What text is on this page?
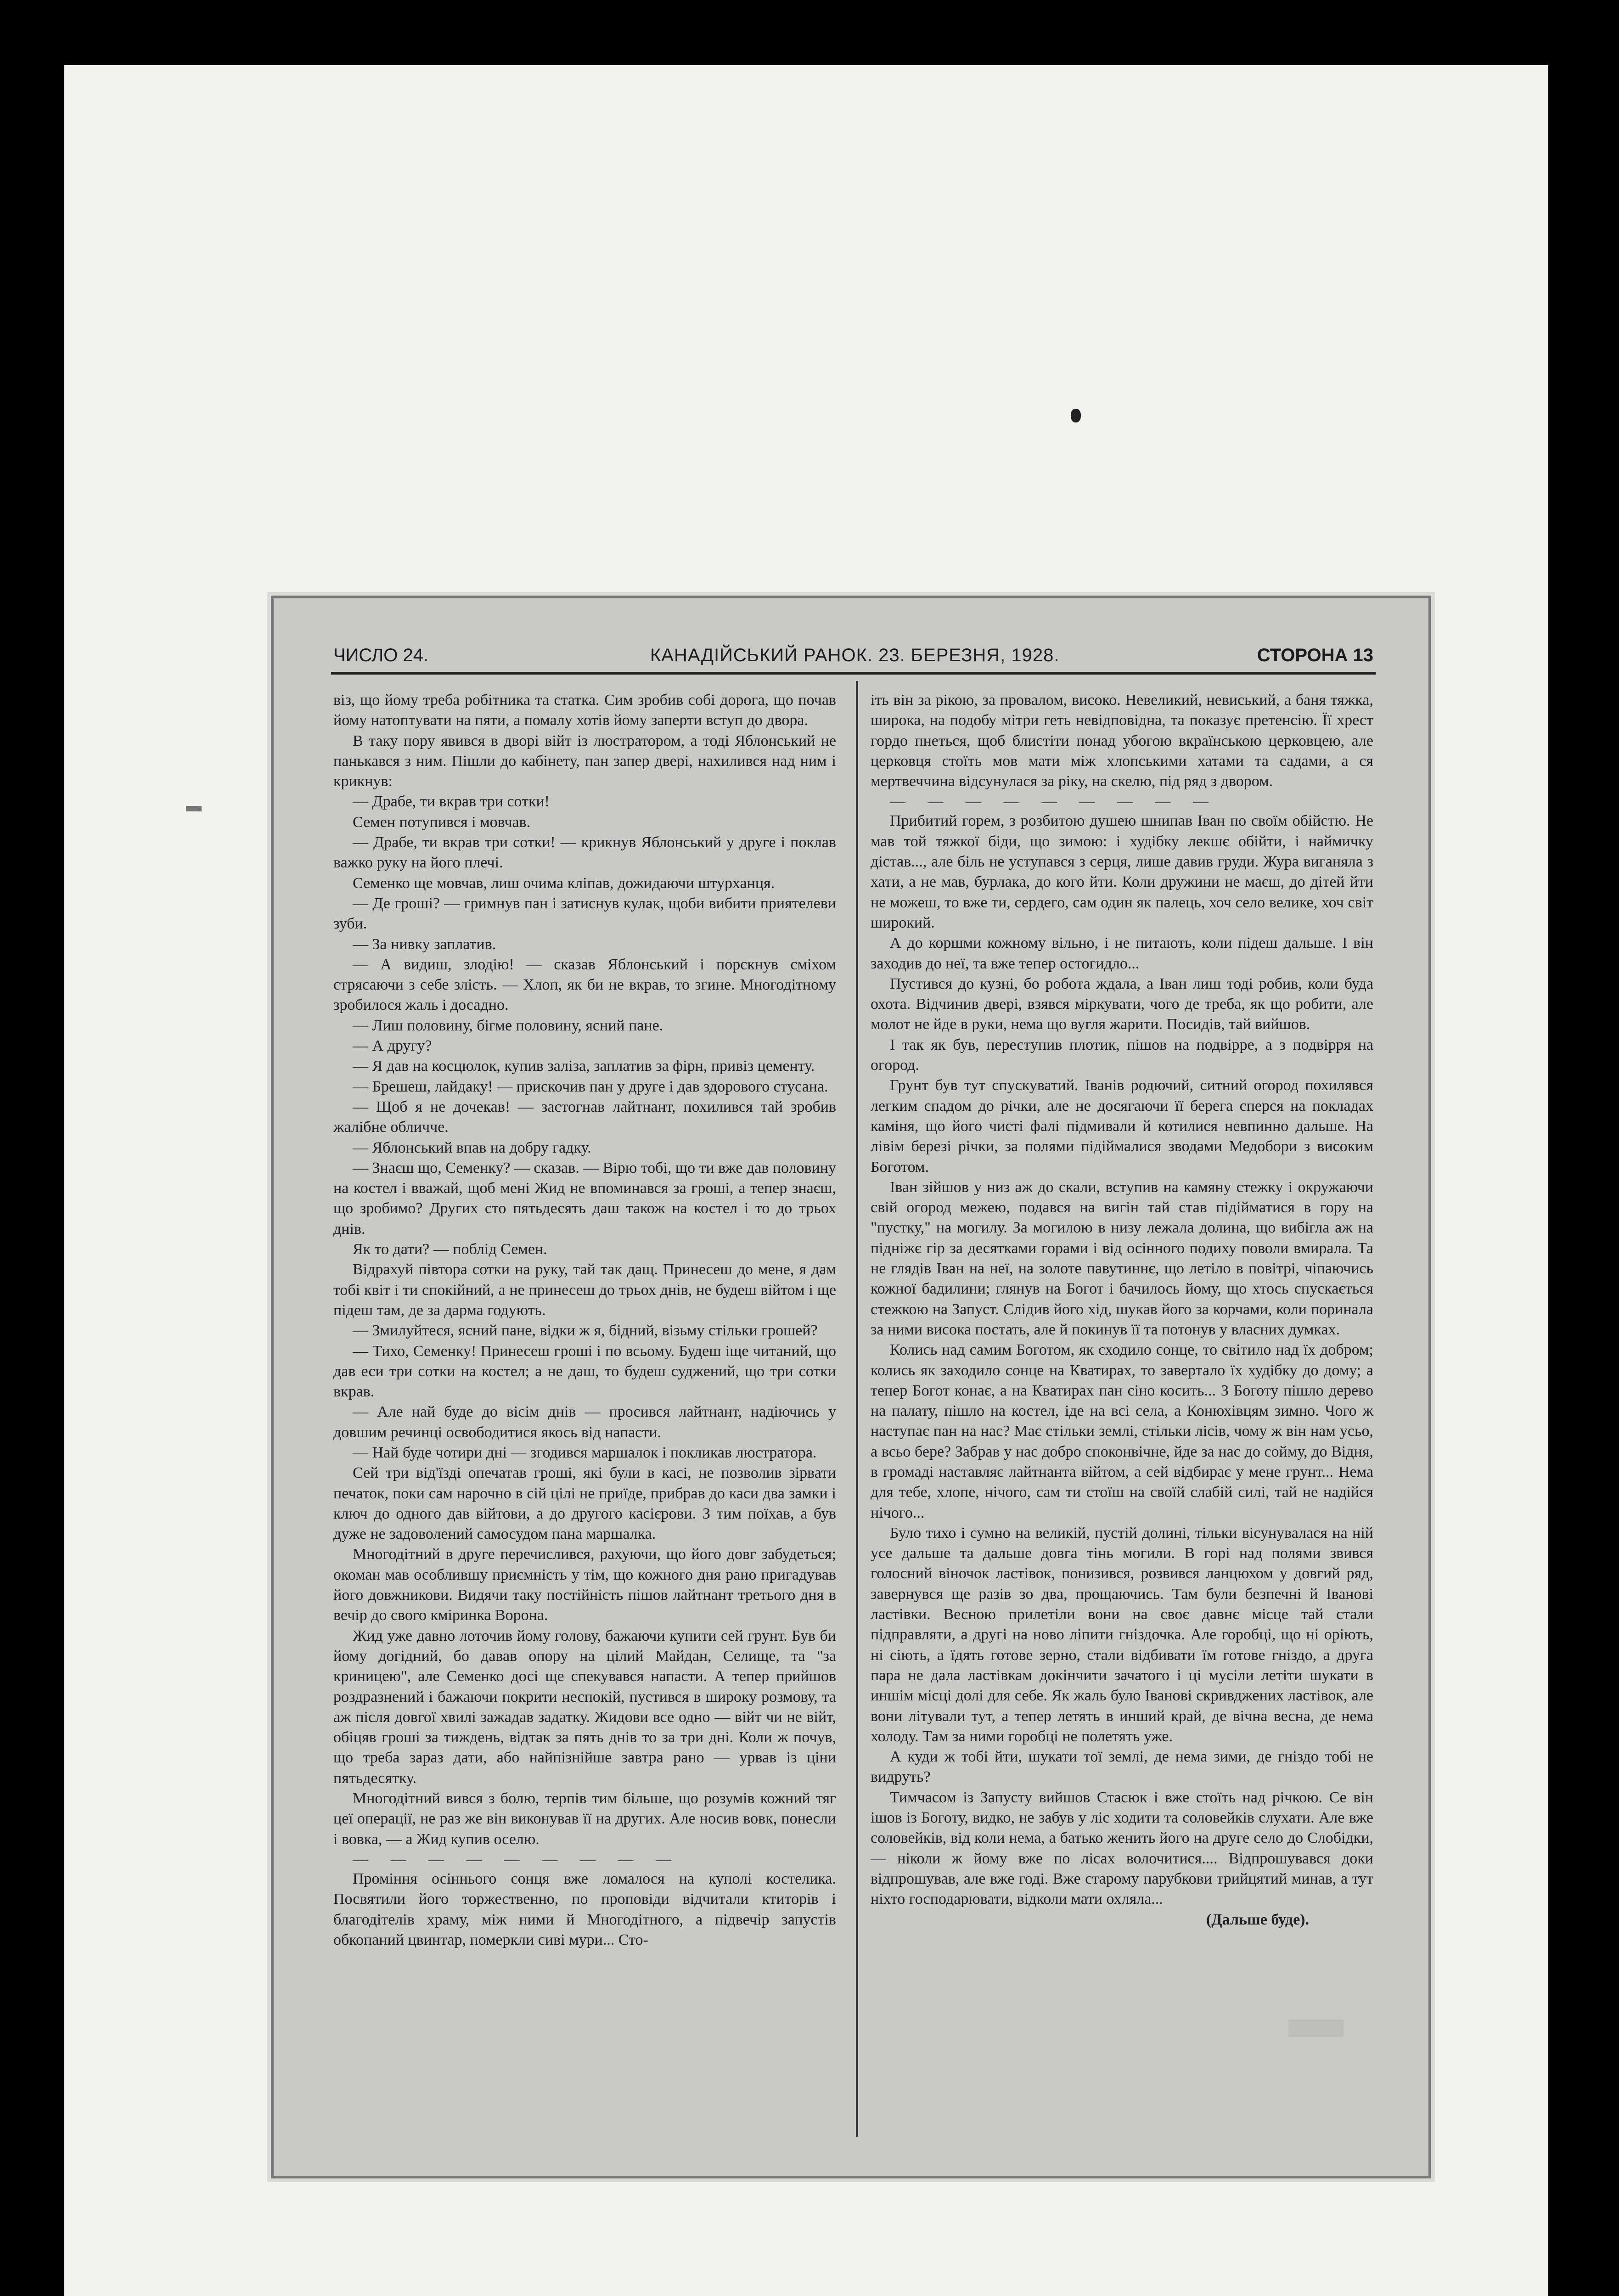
ЧИСЛО 24.	КАНАДІЙСЬКИЙ РАНОК. 23. БЕРЕЗНЯ, 1928.	СТОРОНА 13

віз, що йому треба робітника та статка. Сим зробив собі дорога, що почав йому натоптувати на пяти, а помалу хотів йому заперти вступ до двора.

В таку пору явився в дворі війт із люстратором, а тоді Яблонський не панькався з ним. Пішли до кабінету, пан запер двері, нахилився над ним і крикнув:

— Драбе, ти вкрав три сотки!

Семен потупився і мовчав.

— Драбе, ти вкрав три сотки! — крикнув Яблонський у друге і поклав важко руку на його плечі.

Семенко ще мовчав, лиш очима кліпав, дожидаючи штурханця.

— Де гроші? — гримнув пан і затиснув кулак, щоби вибити приятелеви зуби.

— За нивку заплатив.

— А видиш, злодію! — сказав Яблонський і порскнув сміхом стрясаючи з себе злість. — Хлоп, як би не вкрав, то згине. Многодітному зробилося жаль і досадно.

— Лиш половину, бігме половину, ясний пане.

— А другу?

— Я дав на косцюлок, купив заліза, заплатив за фірн, привіз цементу.

— Брешеш, лайдаку! — прискочив пан у друге і дав здорового стусана.

— Щоб я не дочекав! — застогнав лайтнант, похилився тай зробив жалібне обличче.

— Яблонський впав на добру гадку.

— Знаєш що, Семенку? — сказав. — Вірю тобі, що ти вже дав половину на костел і вважай, щоб мені Жид не впоминався за гроші, а тепер знаєш, що зробимо? Других сто пятьдесять даш також на костел і то до трьох днів.

Як то дати? — поблід Семен.

Відрахуй півтора сотки на руку, тай так дащ. Принесеш до мене, я дам тобі квіт і ти спокійний, а не принесеш до трьох днів, не будеш війтом і ще підеш там, де за дарма годують.

— Змилуйтеся, ясний пане, відки ж я, бідний, візьму стільки грошей?

— Тихо, Семенку! Принесеш гроші і по всьому. Будеш іще читаний, що дав еси три сотки на костел; а не даш, то будеш суджений, що три сотки вкрав.

— Але най буде до вісім днів — просився лайтнант, надіючись у довшим речинці освободитися якось від напасти.

— Най буде чотири дні — згодився маршалок і покликав люстратора.

Сей три від'їзді опечатав гроші, які були в касі, не позволив зірвати печаток, поки сам нарочно в сій цілі не приїде, прибрав до каси два замки і ключ до одного дав війтови, а до другого касієрови. З тим поїхав, а був дуже не задоволений самосудом пана маршалка.

Многодітний в друге перечислився, рахуючи, що його довг забудеться; окоман мав особлившу приємність у тім, що кожного дня рано пригадував його довжникови. Видячи таку постійність пішов лайтнант третього дня в вечір до свого кміринка Ворона.

Жид уже давно лоточив йому голову, бажаючи купити сей грунт. Був би йому догідний, бо давав опору на цілий Майдан, Селище, та "за криницею", але Семенко досі ще спекувався напасти. А тепер прийшов роздразнений і бажаючи покрити неспокій, пустився в широку розмову, та аж після довгої хвилі зажадав задатку. Жидови все одно — війт чи не війт, обіцяв гроші за тиждень, відтак за пять днів то за три дні. Коли ж почув, що треба зараз дати, або найпізнійше завтра рано — урвав із ціни пятьдесятку.

Многодітний вився з болю, терпів тим більше, що розумів кожний тяг цеї операції, не раз же він виконував її на других. Але носив вовк, понесли і вовка, — а Жид купив оселю.

— — — — — — — — —

Проміння осіннього сонця вже ломалося на куполі костелика. Посвятили його торжественно, по проповіди відчитали ктиторів і благодітелів храму, між ними й Многодітного, а підвечір запустів обкопаний цвинтар, померкли сиві мури... Сто-

іть він за рікою, за провалом, високо. Невеликий, невиський, а баня тяжка, широка, на подобу мітри геть невідповідна, та показує претенсію. Її хрест гордо пнеться, щоб блистіти понад убогою вкраїнською церковцею, але церковця стоїть мов мати між хлопськими хатами та садами, а ся мертвеччина відсунулася за ріку, на скелю, під ряд з двором.

— — — — — — — — —

Прибитий горем, з розбитою душею шнипав Іван по своїм обійстю. Не мав той тяжкої біди, що зимою: і худібку лекшє обійти, і наймичку дістав..., але біль не уступався з серця, лише давив груди. Жура виганяла з хати, а не мав, бурлака, до кого йти. Коли дружини не маєш, до дітей йти не можеш, то вже ти, сердего, сам один як палець, хоч село велике, хоч світ широкий.

А до коршми кожному вільно, і не питають, коли підеш дальше. І він заходив до неї, та вже тепер остогидло...

Пустився до кузні, бо робота ждала, а Іван лиш тоді робив, коли буда охота. Відчинив двері, взявся міркувати, чого де треба, як що робити, але молот не йде в руки, нема що вугля жарити. Посидів, тай вийшов.

І так як був, переступив плотик, пішов на подвірре, а з подвірря на огород.

Грунт був тут спускуватий. Іванів родючий, ситний огород похилявся легким спадом до річки, але не досягаючи її берега сперся на покладах каміня, що його чисті фалі підмивали й котилися невпинно дальше. На лівім березі річки, за полями підіймалися зводами Медобори з високим Боготом.

Іван зійшов у низ аж до скали, вступив на камяну стежку і окружаючи свій огород межею, подався на вигін тай став підійматися в гору на "пустку," на могилу. За могилою в низу лежала долина, що вибігла аж на підніжє гір за десятками горами і від осінного подиху поволи вмирала. Та не глядів Іван на неї, на золоте павутиннє, що летіло в повітрі, чіпаючись кожної бадилини; глянув на Богот і бачилось йому, що хтось спускається стежкою на Запуст. Слідив його хід, шукав його за корчами, коли поринала за ними висока постать, але й покинув її та потонув у власних думках.

Колись над самим Боготом, як сходило сонце, то світило над їх добром; колись як заходило сонце на Кватирах, то завертало їх худібку до дому; а тепер Богот конає, а на Кватирах пан сіно косить... З Боготу пішло дерево на палату, пішло на костел, іде на всі села, а Конюхівцям зимно. Чого ж наступає пан на нас? Має стільки землі, стільки лісів, чому ж він нам усьо, а всьо бере? Забрав у нас добро споконвічне, йде за нас до сойму, до Відня, в громаді наставляє лайтнанта війтом, а сей відбирає у мене грунт... Нема для тебе, хлопе, нічого, сам ти стоїш на своїй слабій силі, тай не надійся нічого...

Було тихо і сумно на великій, пустій долині, тільки вісунувалася на ній усе дальше та дальше довга тінь могили. В горі над полями звився голосний віночок ластівок, понизився, розвився ланцюхом у довгий ряд, завернувся ще разів зо два, прощаючись. Там були безпечні й Іванові ластівки. Весною прилетіли вони на своє давнє місце тай стали підправляти, а другі на ново ліпити гніздочка. Але горобці, що ні оріють, ні сіють, а їдять готове зерно, стали відбивати їм готове гніздо, а друга пара не дала ластівкам докінчити зачатого і ці мусіли летіти шукати в иншім місці долі для себе. Як жаль було Іванові скривджених ластівок, але вони літували тут, а тепер летять в инший край, де вічна весна, де нема холоду. Там за ними горобці не полетять уже.

А куди ж тобі йти, шукати тої землі, де нема зими, де гніздо тобі не видруть?

Тимчасом із Запусту вийшов Стасюк і вже стоїть над річкою. Се він ішов із Боготу, видко, не забув у ліс ходити та соловейків слухати. Але вже соловейків, від коли нема, а батько женить його на друге село до Слобідки, — ніколи ж йому вже по лісах волочитися.... Відпрошувався доки відпрошував, але вже годі. Вже старому парубкови трийцятий минав, а тут ніхто господарювати, відколи мати охляла...

(Дальше буде).
